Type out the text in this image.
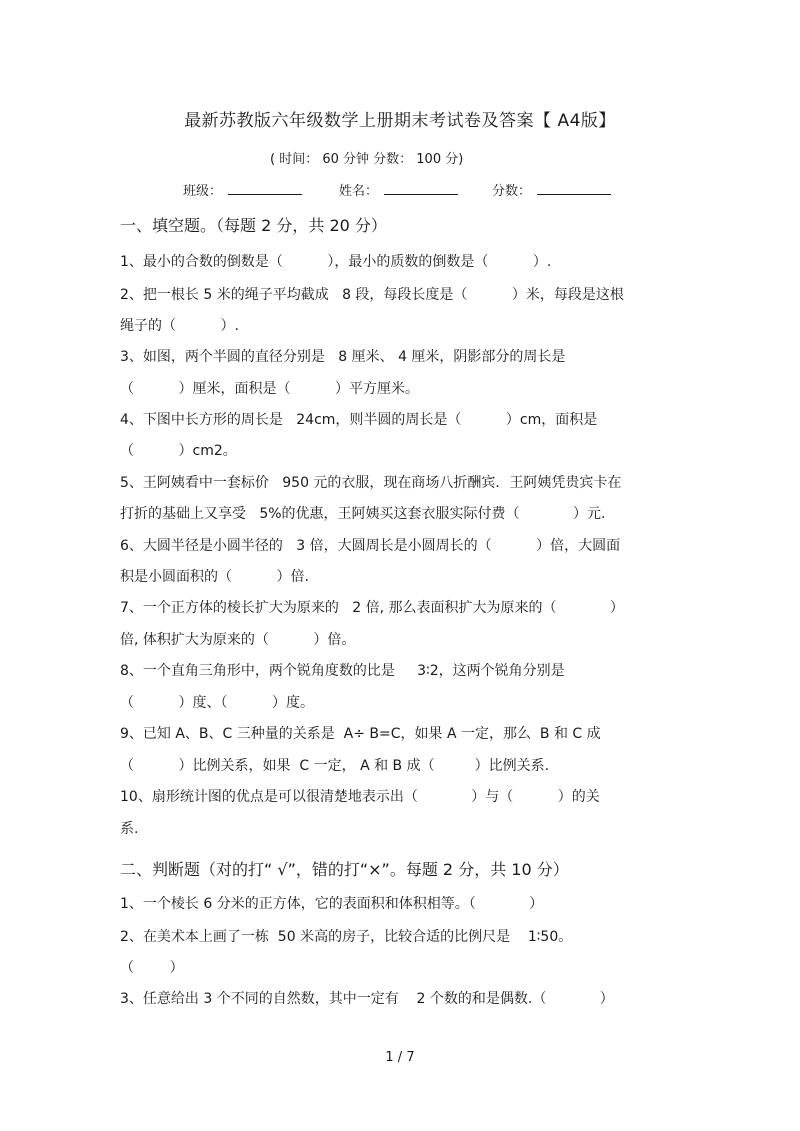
最新苏教版六年级数学上册期末考试卷及答案【 A4版】
( 时间： 60 分钟 分数： 100 分)
班级：	姓名：	分数：
一、填空题。（每题 2 分，共 20 分）
1、最小的合数的倒数是（          ），最小的质数的倒数是（          ）.
2、把一根长 5 米的绳子平均截成   8 段，每段长度是（          ）米，每段是这根
绳子的（          ）.
3、如图，两个半圆的直径分别是   8 厘米、 4 厘米，阴影部分的周长是
（          ）厘米，面积是（          ）平方厘米。
4、下图中长方形的周长是   24cm，则半圆的周长是（          ）cm，面积是
（          ）cm2。
5、王阿姨看中一套标价   950 元的衣服，现在商场八折酬宾．王阿姨凭贵宾卡在
打折的基础上又享受   5%的优惠，王阿姨买这套衣服实际付费（            ）元.
6、大圆半径是小圆半径的   3 倍，大圆周长是小圆周长的（          ）倍，大圆面
积是小圆面积的（          ）倍.
7、一个正方体的棱长扩大为原来的   2 倍, 那么表面积扩大为原来的（            ）
倍, 体积扩大为原来的（          ）倍。
8、一个直角三角形中，两个锐角度数的比是     3∶2，这两个锐角分别是
（          ）度、（          ）度。
9、已知 A、B、C 三种量的关系是  A÷ B=C，如果 A 一定，那么  B 和 C 成
（          ）比例关系，如果  C 一定， A 和 B 成（         ）比例关系.
10、扇形统计图的优点是可以很清楚地表示出（            ）与（          ）的关
系.
二、判断题（对的打“ √”，错的打“×”。每题 2 分，共 10 分）
1、一个棱长 6 分米的正方体，它的表面积和体积相等。（            ）
2、在美术本上画了一栋  50 米高的房子，比较合适的比例尺是    1∶50。
（        ）
3、任意给出 3 个不同的自然数，其中一定有    2 个数的和是偶数.（            ）
1 / 7
